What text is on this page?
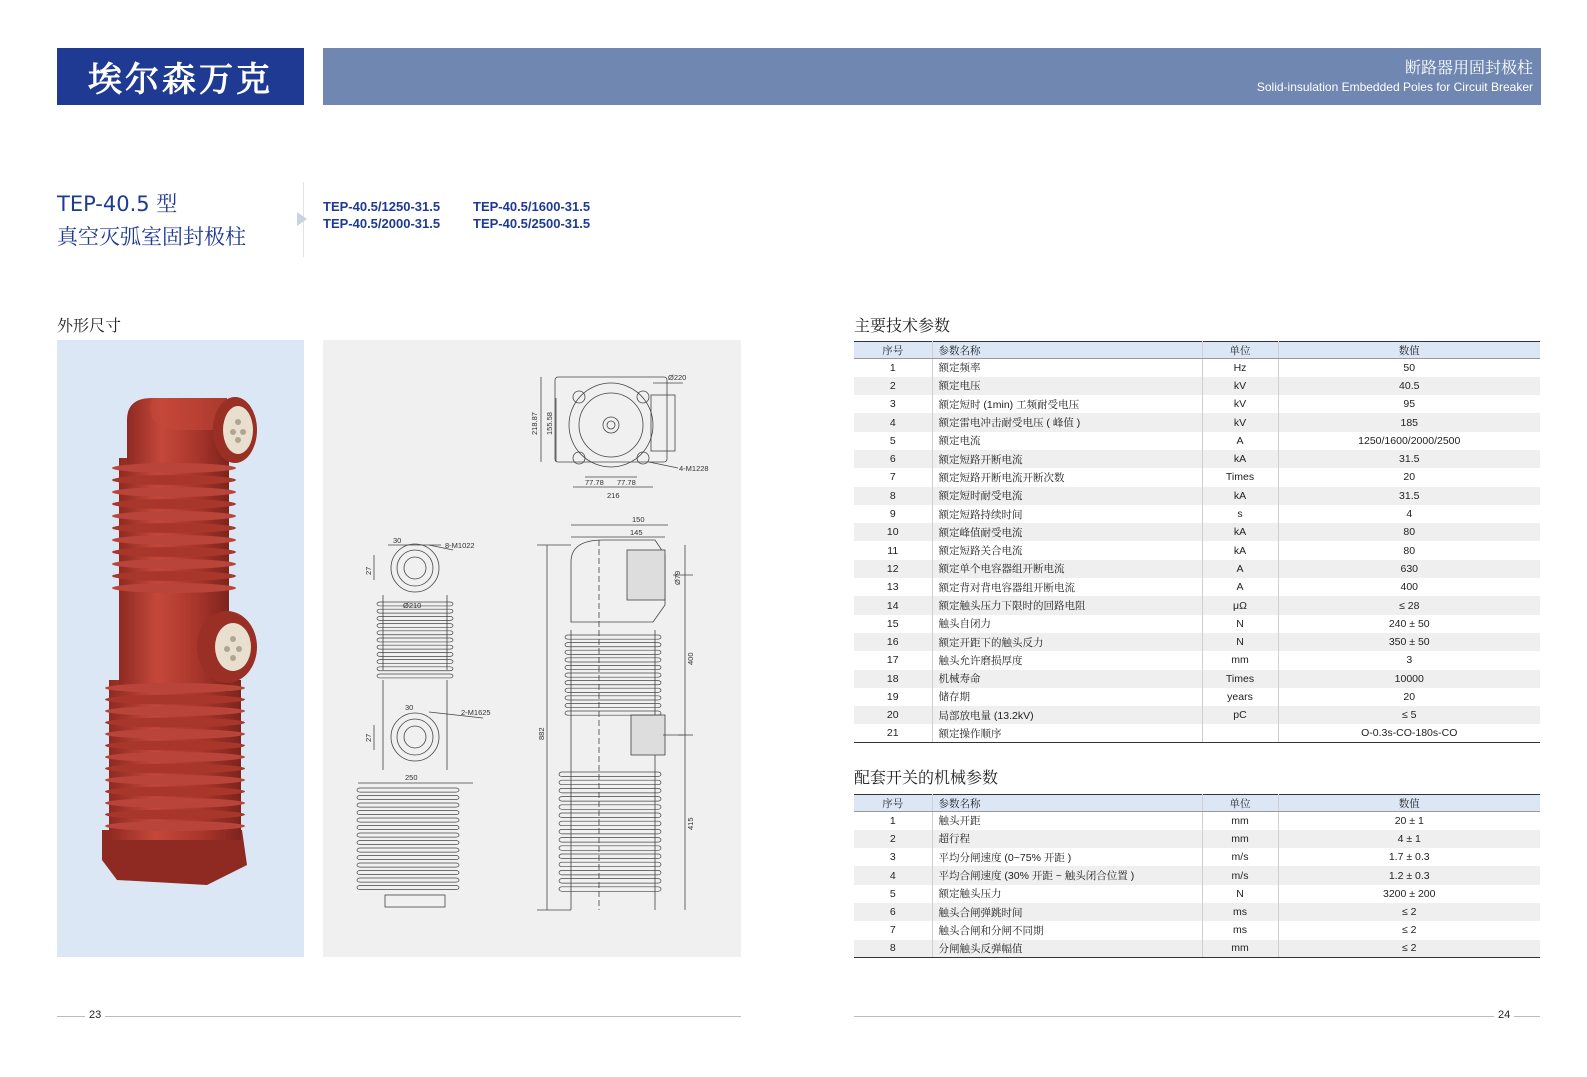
埃尔森万克	断路器用固封极柱
Solid-insulation Embedded Poles for Circuit Breaker
TEP-40.5 型
真空灭弧室固封极柱
TEP-40.5/1250-31.5	TEP-40.5/1600-31.5
TEP-40.5/2000-31.5	TEP-40.5/2500-31.5
外形尺寸	主要技术参数
配套开关的机械参数
Ø220
4-M1228
218.87 155.58
77.78 77.78
216
30
8-M1022
27
Ø210
30
2-M1625
27
250
150
145
Ø79
400
882
415
序号	参数名称	单位	数值
1	额定频率	Hz	50
2	额定电压	kV	40.5
3	额定短时 (1min) 工频耐受电压	kV	95
4	额定雷电冲击耐受电压 ( 峰值 )	kV	185
5	额定电流	A	1250/1600/2000/2500
6	额定短路开断电流	kA	31.5
7	额定短路开断电流开断次数	Times	20
8	额定短时耐受电流	kA	31.5
9	额定短路持续时间	s	4
10	额定峰值耐受电流	kA	80
11	额定短路关合电流	kA	80
12	额定单个电容器组开断电流	A	630
13	额定背对背电容器组开断电流	A	400
14	额定触头压力下限时的回路电阻	μΩ	≤ 28
15	触头自闭力	N	240 ± 50
16	额定开距下的触头反力	N	350 ± 50
17	触头允许磨损厚度	mm	3
18	机械寿命	Times	10000
19	储存期	years	20
20	局部放电量 (13.2kV)	pC	≤ 5
21	额定操作顺序		O-0.3s-CO-180s-CO
序号	参数名称	单位	数值
1	触头开距	mm	20 ± 1
2	超行程	mm	4 ± 1
3	平均分闸速度 (0~75% 开距 )	m/s	1.7 ± 0.3
4	平均合闸速度 (30% 开距 ~ 触头闭合位置 )	m/s	1.2 ± 0.3
5	额定触头压力	N	3200 ± 200
6	触头合闸弹跳时间	ms	≤ 2
7	触头合闸和分闸不同期	ms	≤ 2
8	分闸触头反弹幅值	mm	≤ 2
23	24
